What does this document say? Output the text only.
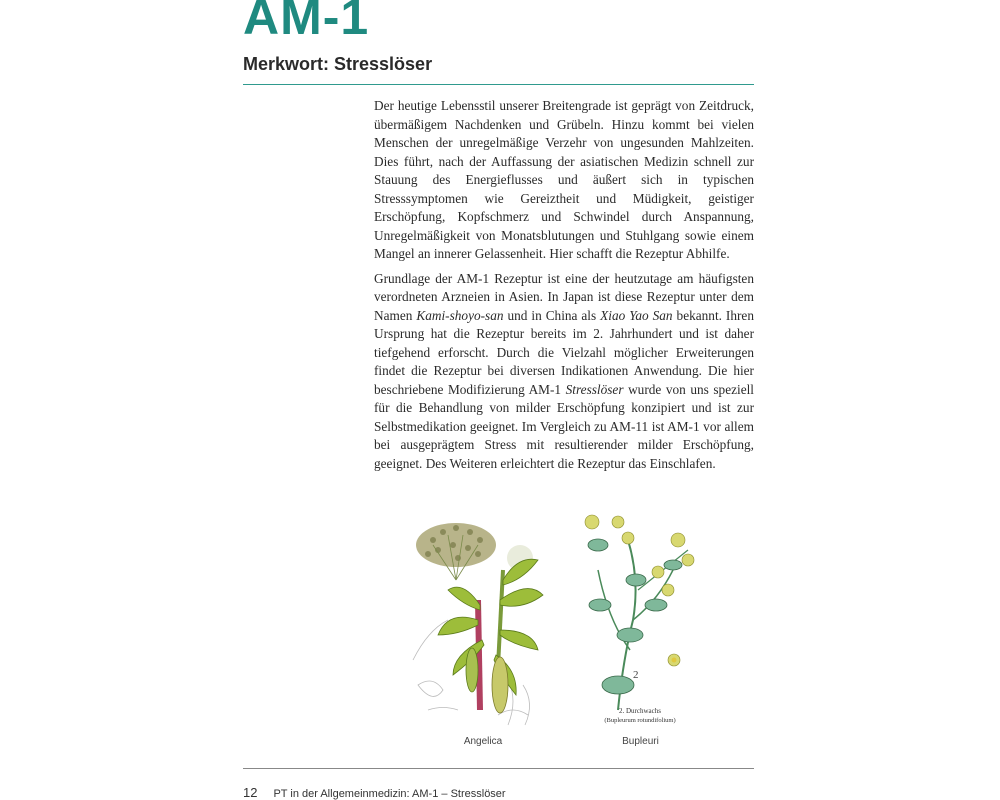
AM-1
Merkwort: Stresslöser

Der heutige Lebensstil unserer Breitengrade ist geprägt von Zeitdruck, übermäßigem Nachdenken und Grübeln. Hinzu kommt bei vielen Menschen der unregelmäßige Verzehr von ungesunden Mahlzeiten. Dies führt, nach der Auffassung der asiatischen Medizin schnell zur Stauung des Energieflusses und äußert sich in typischen Stresssymptomen wie Gereiztheit und Müdigkeit, geistiger Erschöpfung, Kopfschmerz und Schwindel durch Anspannung, Unregelmäßigkeit von Monatsblutungen und Stuhlgang sowie einem Mangel an innerer Gelassenheit. Hier schafft die Rezeptur Abhilfe.

Grundlage der AM-1 Rezeptur ist eine der heutzutage am häufigsten verordneten Arzneien in Asien. In Japan ist diese Rezeptur unter dem Namen Kami-shoyo-san und in China als Xiao Yao San bekannt. Ihren Ursprung hat die Rezeptur bereits im 2. Jahrhundert und ist daher tiefgehend erforscht. Durch die Vielzahl möglicher Erweiterungen findet die Rezeptur bei diversen Indikationen Anwendung. Die hier beschriebene Modifizierung AM-1 Stresslöser wurde von uns speziell für die Behandlung von milder Erschöpfung konzipiert und ist zur Selbstmedikation geeignet. Im Vergleich zu AM-11 ist AM-1 vor allem bei ausgeprägtem Stress mit resultierender milder Erschöpfung, geeignet. Des Weiteren erleichtert die Rezeptur das Einschlafen.

Angelica
2
2. Durchwachs
(Bupleurum rotundifolium)
Bupleuri
12 PT in der Allgemeinmedizin: AM-1 – Stresslöser
